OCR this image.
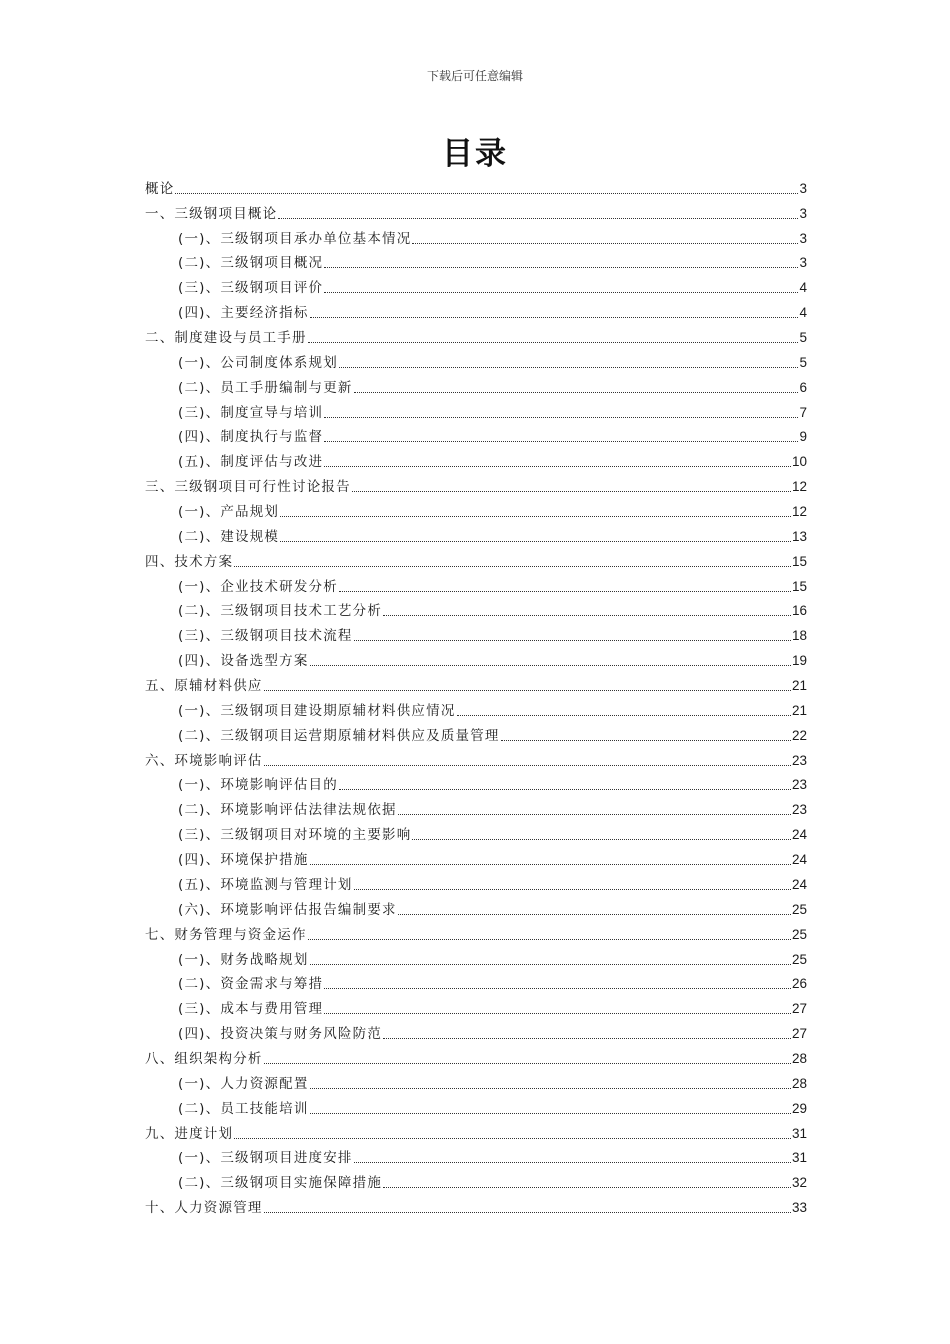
下载后可任意编辑
目录
概论	3
一、三级钢项目概论	3
(一)、三级钢项目承办单位基本情况	3
(二)、三级钢项目概况	3
(三)、三级钢项目评价	4
(四)、主要经济指标	4
二、制度建设与员工手册	5
(一)、公司制度体系规划	5
(二)、员工手册编制与更新	6
(三)、制度宣导与培训	7
(四)、制度执行与监督	9
(五)、制度评估与改进	10
三、三级钢项目可行性讨论报告	12
(一)、产品规划	12
(二)、建设规模	13
四、技术方案	15
(一)、企业技术研发分析	15
(二)、三级钢项目技术工艺分析	16
(三)、三级钢项目技术流程	18
(四)、设备选型方案	19
五、原辅材料供应	21
(一)、三级钢项目建设期原辅材料供应情况	21
(二)、三级钢项目运营期原辅材料供应及质量管理	22
六、环境影响评估	23
(一)、环境影响评估目的	23
(二)、环境影响评估法律法规依据	23
(三)、三级钢项目对环境的主要影响	24
(四)、环境保护措施	24
(五)、环境监测与管理计划	24
(六)、环境影响评估报告编制要求	25
七、财务管理与资金运作	25
(一)、财务战略规划	25
(二)、资金需求与筹措	26
(三)、成本与费用管理	27
(四)、投资决策与财务风险防范	27
八、组织架构分析	28
(一)、人力资源配置	28
(二)、员工技能培训	29
九、进度计划	31
(一)、三级钢项目进度安排	31
(二)、三级钢项目实施保障措施	32
十、人力资源管理	33
